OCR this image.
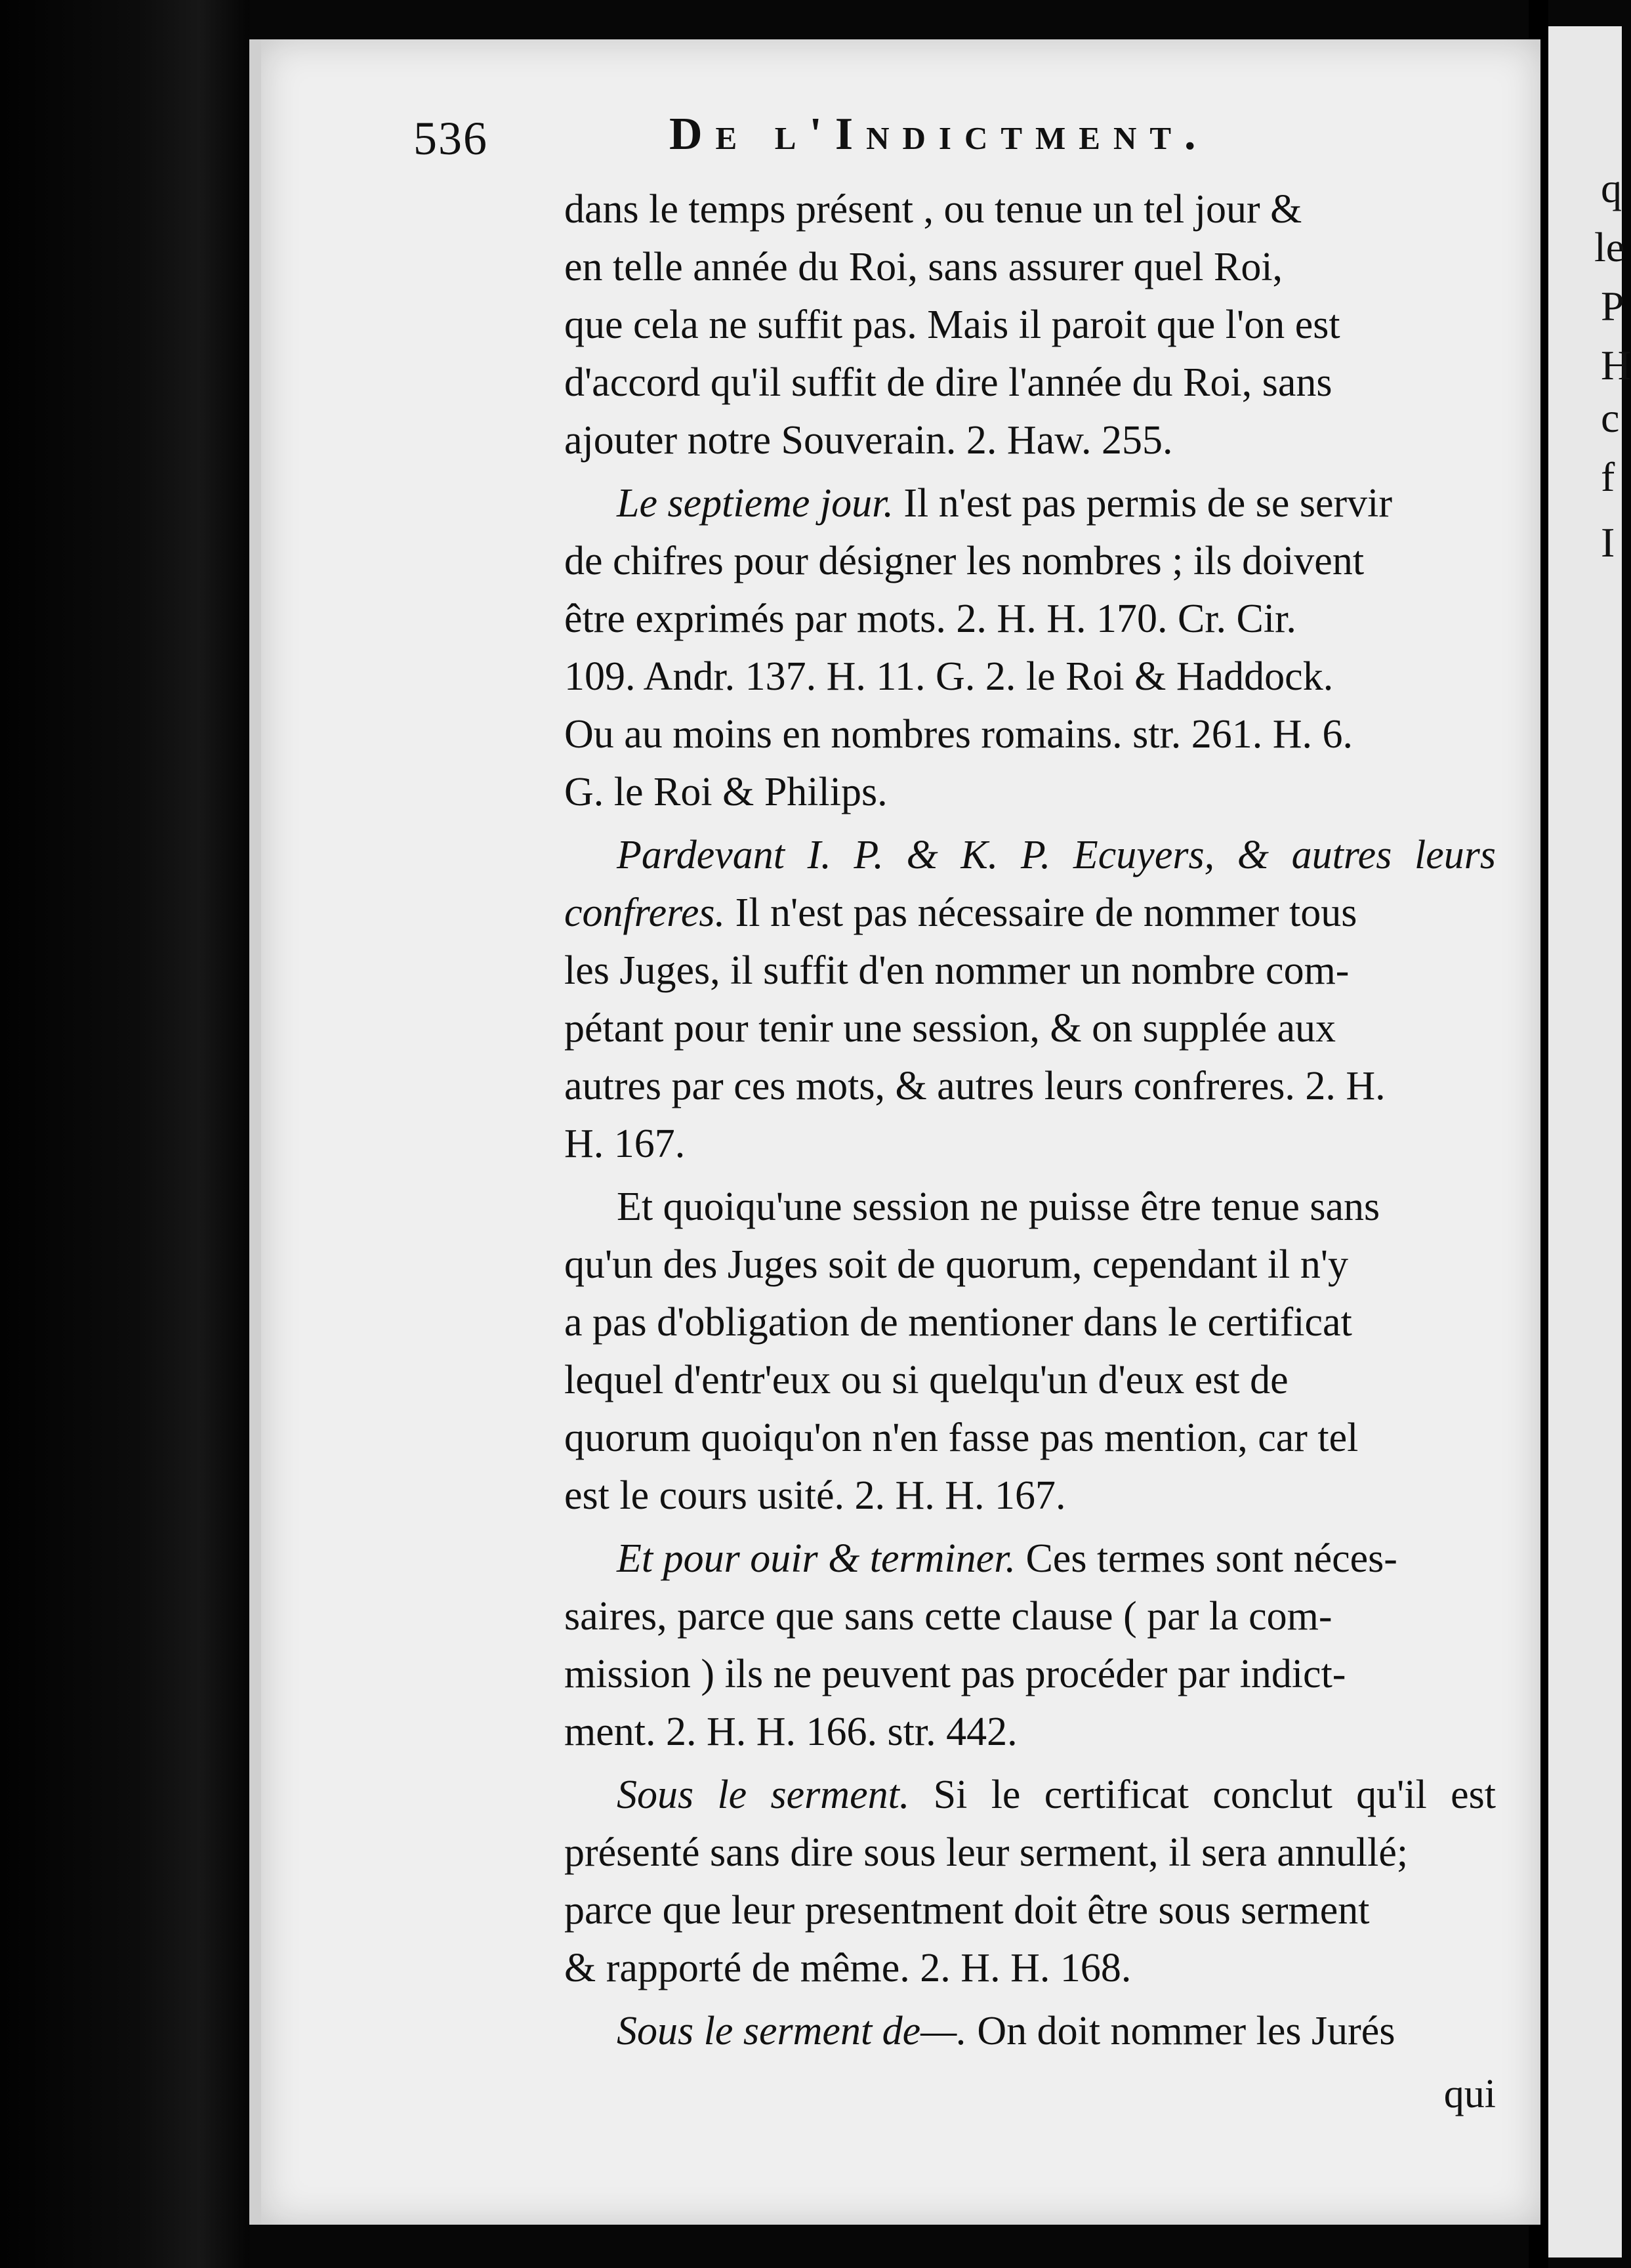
q
le
P
H
c
f
I
536	De l'Indictment.

dans le temps présent , ou tenue un tel jour &
en telle année du Roi, sans assurer quel Roi,
que cela ne suffit pas. Mais il paroit que l'on est
d'accord qu'il suffit de dire l'année du Roi, sans
ajouter notre Souverain. 2. Haw. 255.

Le septieme jour. Il n'est pas permis de se servir
de chifres pour désigner les nombres ; ils doivent
être exprimés par mots. 2. H. H. 170. Cr. Cir.
109. Andr. 137. H. 11. G. 2. le Roi & Haddock.
Ou au moins en nombres romains. str. 261. H. 6.
G. le Roi & Philips.

Pardevant I. P. & K. P. Ecuyers, & autres leurs confreres. Il n'est pas nécessaire de nommer tous
les Juges, il suffit d'en nommer un nombre com-
pétant pour tenir une session, & on supplée aux
autres par ces mots, & autres leurs confreres. 2. H.
H. 167.

Et quoiqu'une session ne puisse être tenue sans
qu'un des Juges soit de quorum, cependant il n'y
a pas d'obligation de mentioner dans le certificat
lequel d'entr'eux ou si quelqu'un d'eux est de
quorum quoiqu'on n'en fasse pas mention, car tel
est le cours usité. 2. H. H. 167.

Et pour ouir & terminer. Ces termes sont néces-
saires, parce que sans cette clause ( par la com-
mission ) ils ne peuvent pas procéder par indict-
ment. 2. H. H. 166. str. 442.

Sous le serment. Si le certificat conclut qu'il est présenté sans dire sous leur serment, il sera annullé;
parce que leur presentment doit être sous serment
& rapporté de même. 2. H. H. 168.

Sous le serment de—. On doit nommer les Jurés

qui
